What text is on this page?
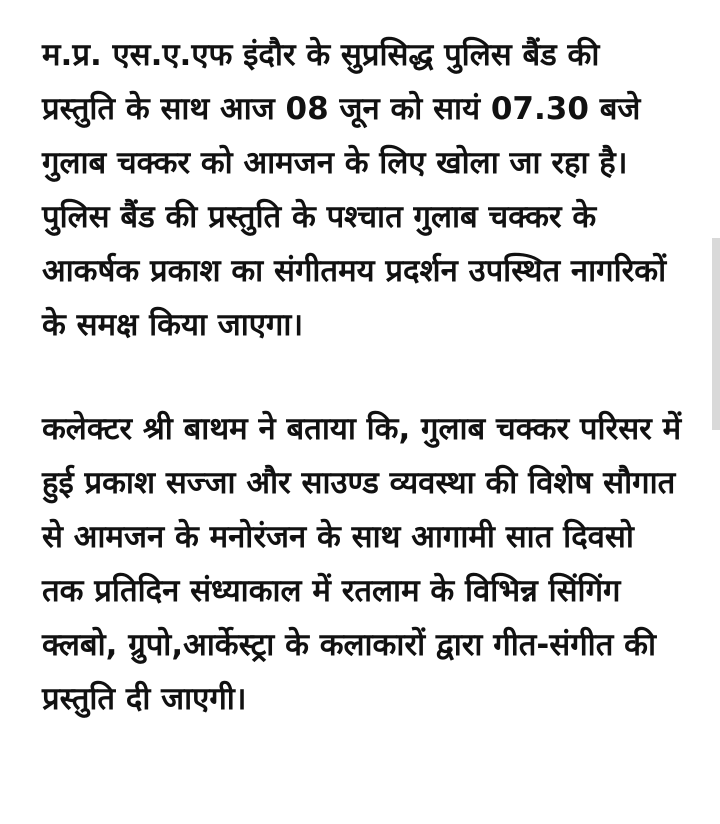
म.प्र. एस.ए.एफ इंदौर के सुप्रसिद्ध पुलिस बैंड की प्रस्तुति के साथ आज 08 जून को सायं 07.30 बजे गुलाब चक्कर को आमजन के लिए खोला जा रहा है। पुलिस बैंड की प्रस्तुति के पश्चात गुलाब चक्कर के आकर्षक प्रकाश का संगीतमय प्रदर्शन उपस्थित नागरिकों के समक्ष किया जाएगा।

कलेक्टर श्री बाथम ने बताया कि, गुलाब चक्कर परिसर में हुई प्रकाश सज्जा और साउण्ड व्यवस्था की विशेष सौगात से आमजन के मनोरंजन के साथ आगामी सात दिवसो तक प्रतिदिन संध्याकाल में रतलाम के विभिन्न सिंगिंग क्लबो, ग्रुपो,आर्केस्ट्रा के कलाकारों द्वारा गीत-संगीत की प्रस्तुति दी जाएगी।
